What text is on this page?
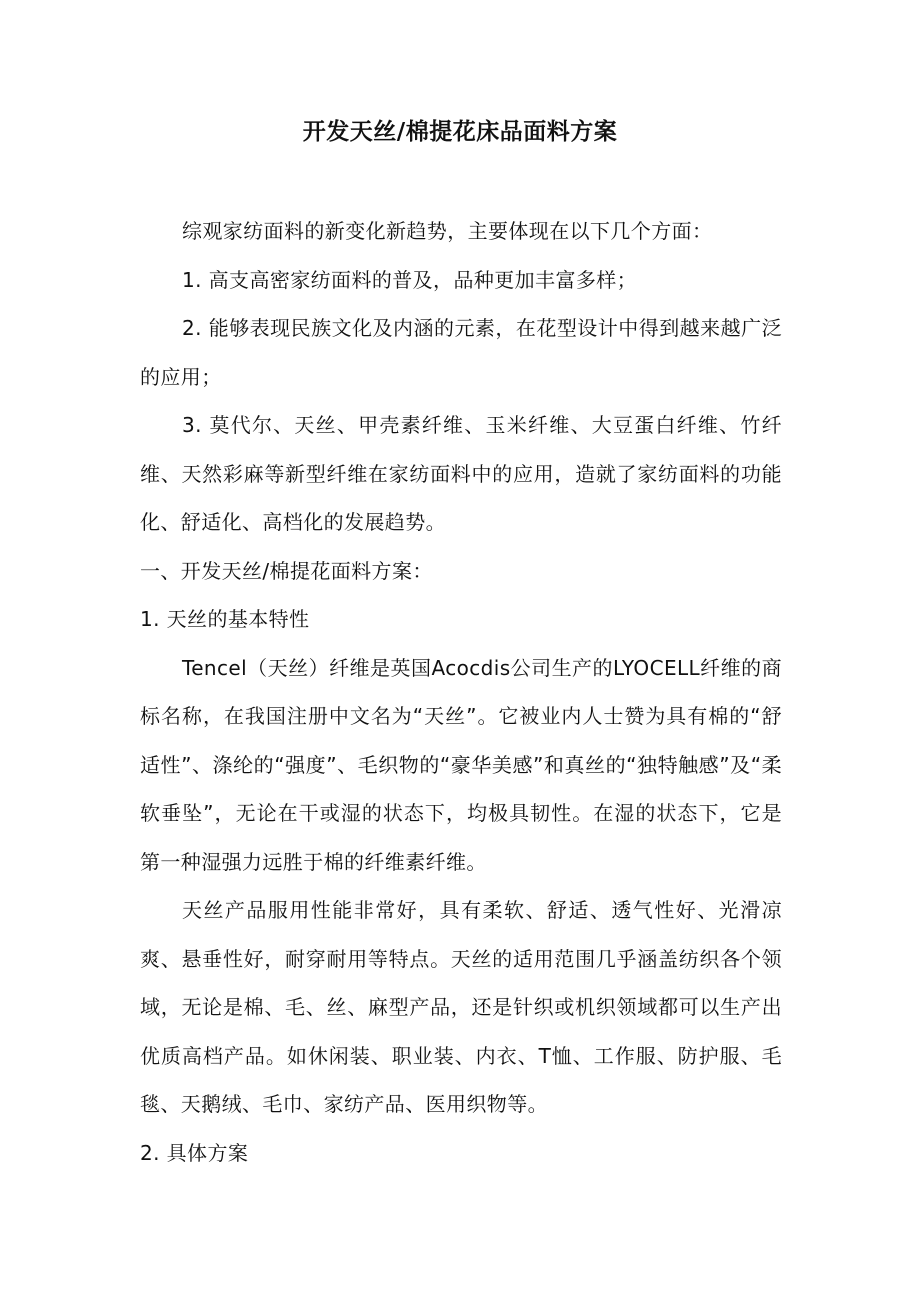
开发天丝/棉提花床品面料方案

综观家纺面料的新变化新趋势，主要体现在以下几个方面：

1. 高支高密家纺面料的普及，品种更加丰富多样；

2. 能够表现民族文化及内涵的元素，在花型设计中得到越来越广泛的应用；

3. 莫代尔、天丝、甲壳素纤维、玉米纤维、大豆蛋白纤维、竹纤维、天然彩麻等新型纤维在家纺面料中的应用，造就了家纺面料的功能化、舒适化、高档化的发展趋势。

一、开发天丝/棉提花面料方案：

1. 天丝的基本特性

Tencel（天丝）纤维是英国Acocdis公司生产的LYOCELL纤维的商标名称，在我国注册中文名为“天丝”。它被业内人士赞为具有棉的“舒适性”、涤纶的“强度”、毛织物的“豪华美感”和真丝的“独特触感”及“柔软垂坠”，无论在干或湿的状态下，均极具韧性。在湿的状态下，它是第一种湿强力远胜于棉的纤维素纤维。

天丝产品服用性能非常好，具有柔软、舒适、透气性好、光滑凉爽、悬垂性好，耐穿耐用等特点。天丝的适用范围几乎涵盖纺织各个领域，无论是棉、毛、丝、麻型产品，还是针织或机织领域都可以生产出优质高档产品。如休闲装、职业装、内衣、T恤、工作服、防护服、毛毯、天鹅绒、毛巾、家纺产品、医用织物等。

2. 具体方案
